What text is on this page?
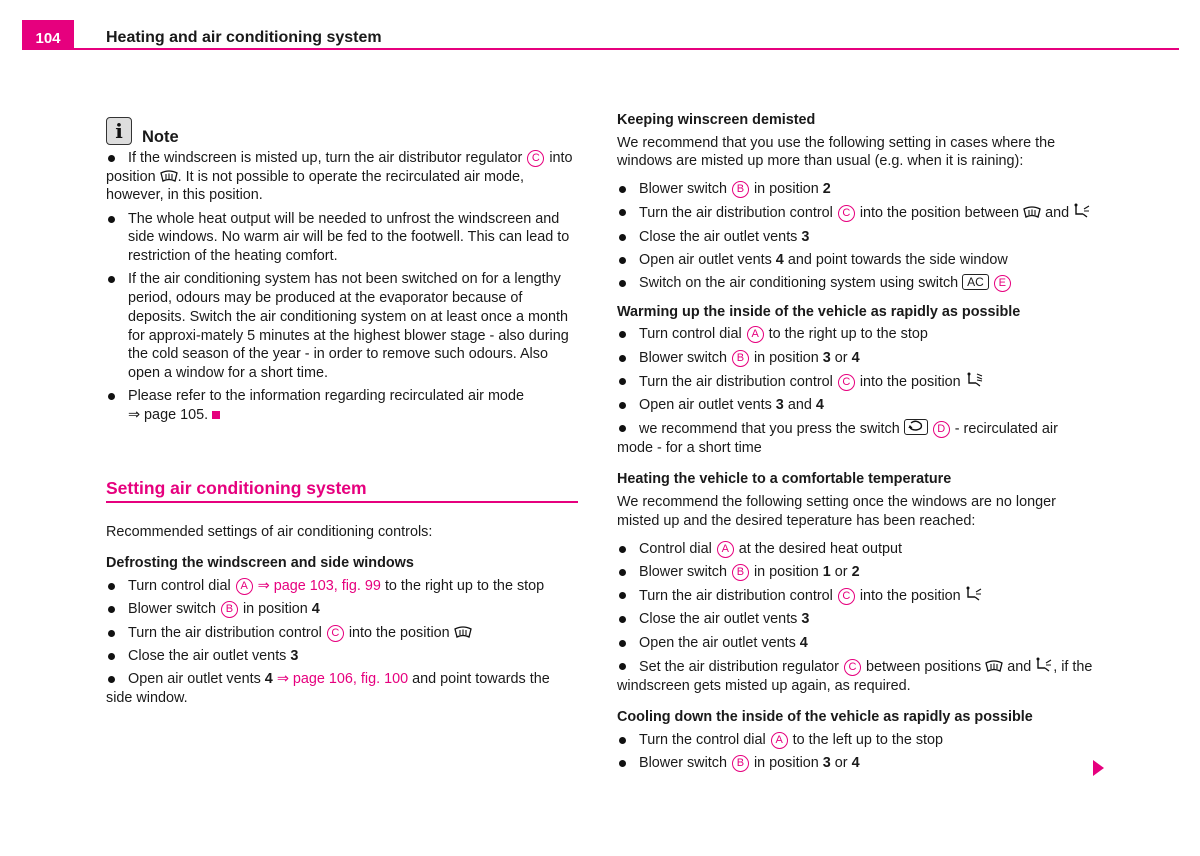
104	Heating and air conditioning system
i Note
If the windscreen is misted up, turn the air distributor regulator C into position . It is not possible to operate the recirculated air mode, however, in this position.
The whole heat output will be needed to unfrost the windscreen and side windows. No warm air will be fed to the footwell. This can lead to restriction of the heating comfort.
If the air conditioning system has not been switched on for a lengthy period, odours may be produced at the evaporator because of deposits. Switch the air conditioning system on at least once a month for approxi-mately 5 minutes at the highest blower stage - also during the cold season of the year - in order to remove such odours. Also open a window for a short time.
Please refer to the information regarding recirculated air mode
⇒ page 105.
Setting air conditioning system

Recommended settings of air conditioning controls:

Defrosting the windscreen and side windows

Turn control dial A ⇒ page 103, fig. 99 to the right up to the stop
Blower switch B in position 4
Turn the air distribution control C into the position
Close the air outlet vents 3
Open air outlet vents 4 ⇒ page 106, fig. 100 and point towards the side window.

Keeping winscreen demisted

We recommend that you use the following setting in cases where the windows are misted up more than usual (e.g. when it is raining):

Blower switch B in position 2
Turn the air distribution control C into the position between and
Close the air outlet vents 3
Open air outlet vents 4 and point towards the side window
Switch on the air conditioning system using switch AC E

Warming up the inside of the vehicle as rapidly as possible

Turn control dial A to the right up to the stop
Blower switch B in position 3 or 4
Turn the air distribution control C into the position
Open air outlet vents 3 and 4
we recommend that you press the switch	D - recirculated air mode - for a short time

Heating the vehicle to a comfortable temperature

We recommend the following setting once the windows are no longer misted up and the desired teperature has been reached:

Control dial A at the desired heat output
Blower switch B in position 1 or 2
Turn the air distribution control C into the position
Close the air outlet vents 3
Open the air outlet vents 4
Set the air distribution regulator C between positions and , if the windscreen gets misted up again, as required.

Cooling down the inside of the vehicle as rapidly as possible

Turn the control dial A to the left up to the stop
Blower switch B in position 3 or 4
